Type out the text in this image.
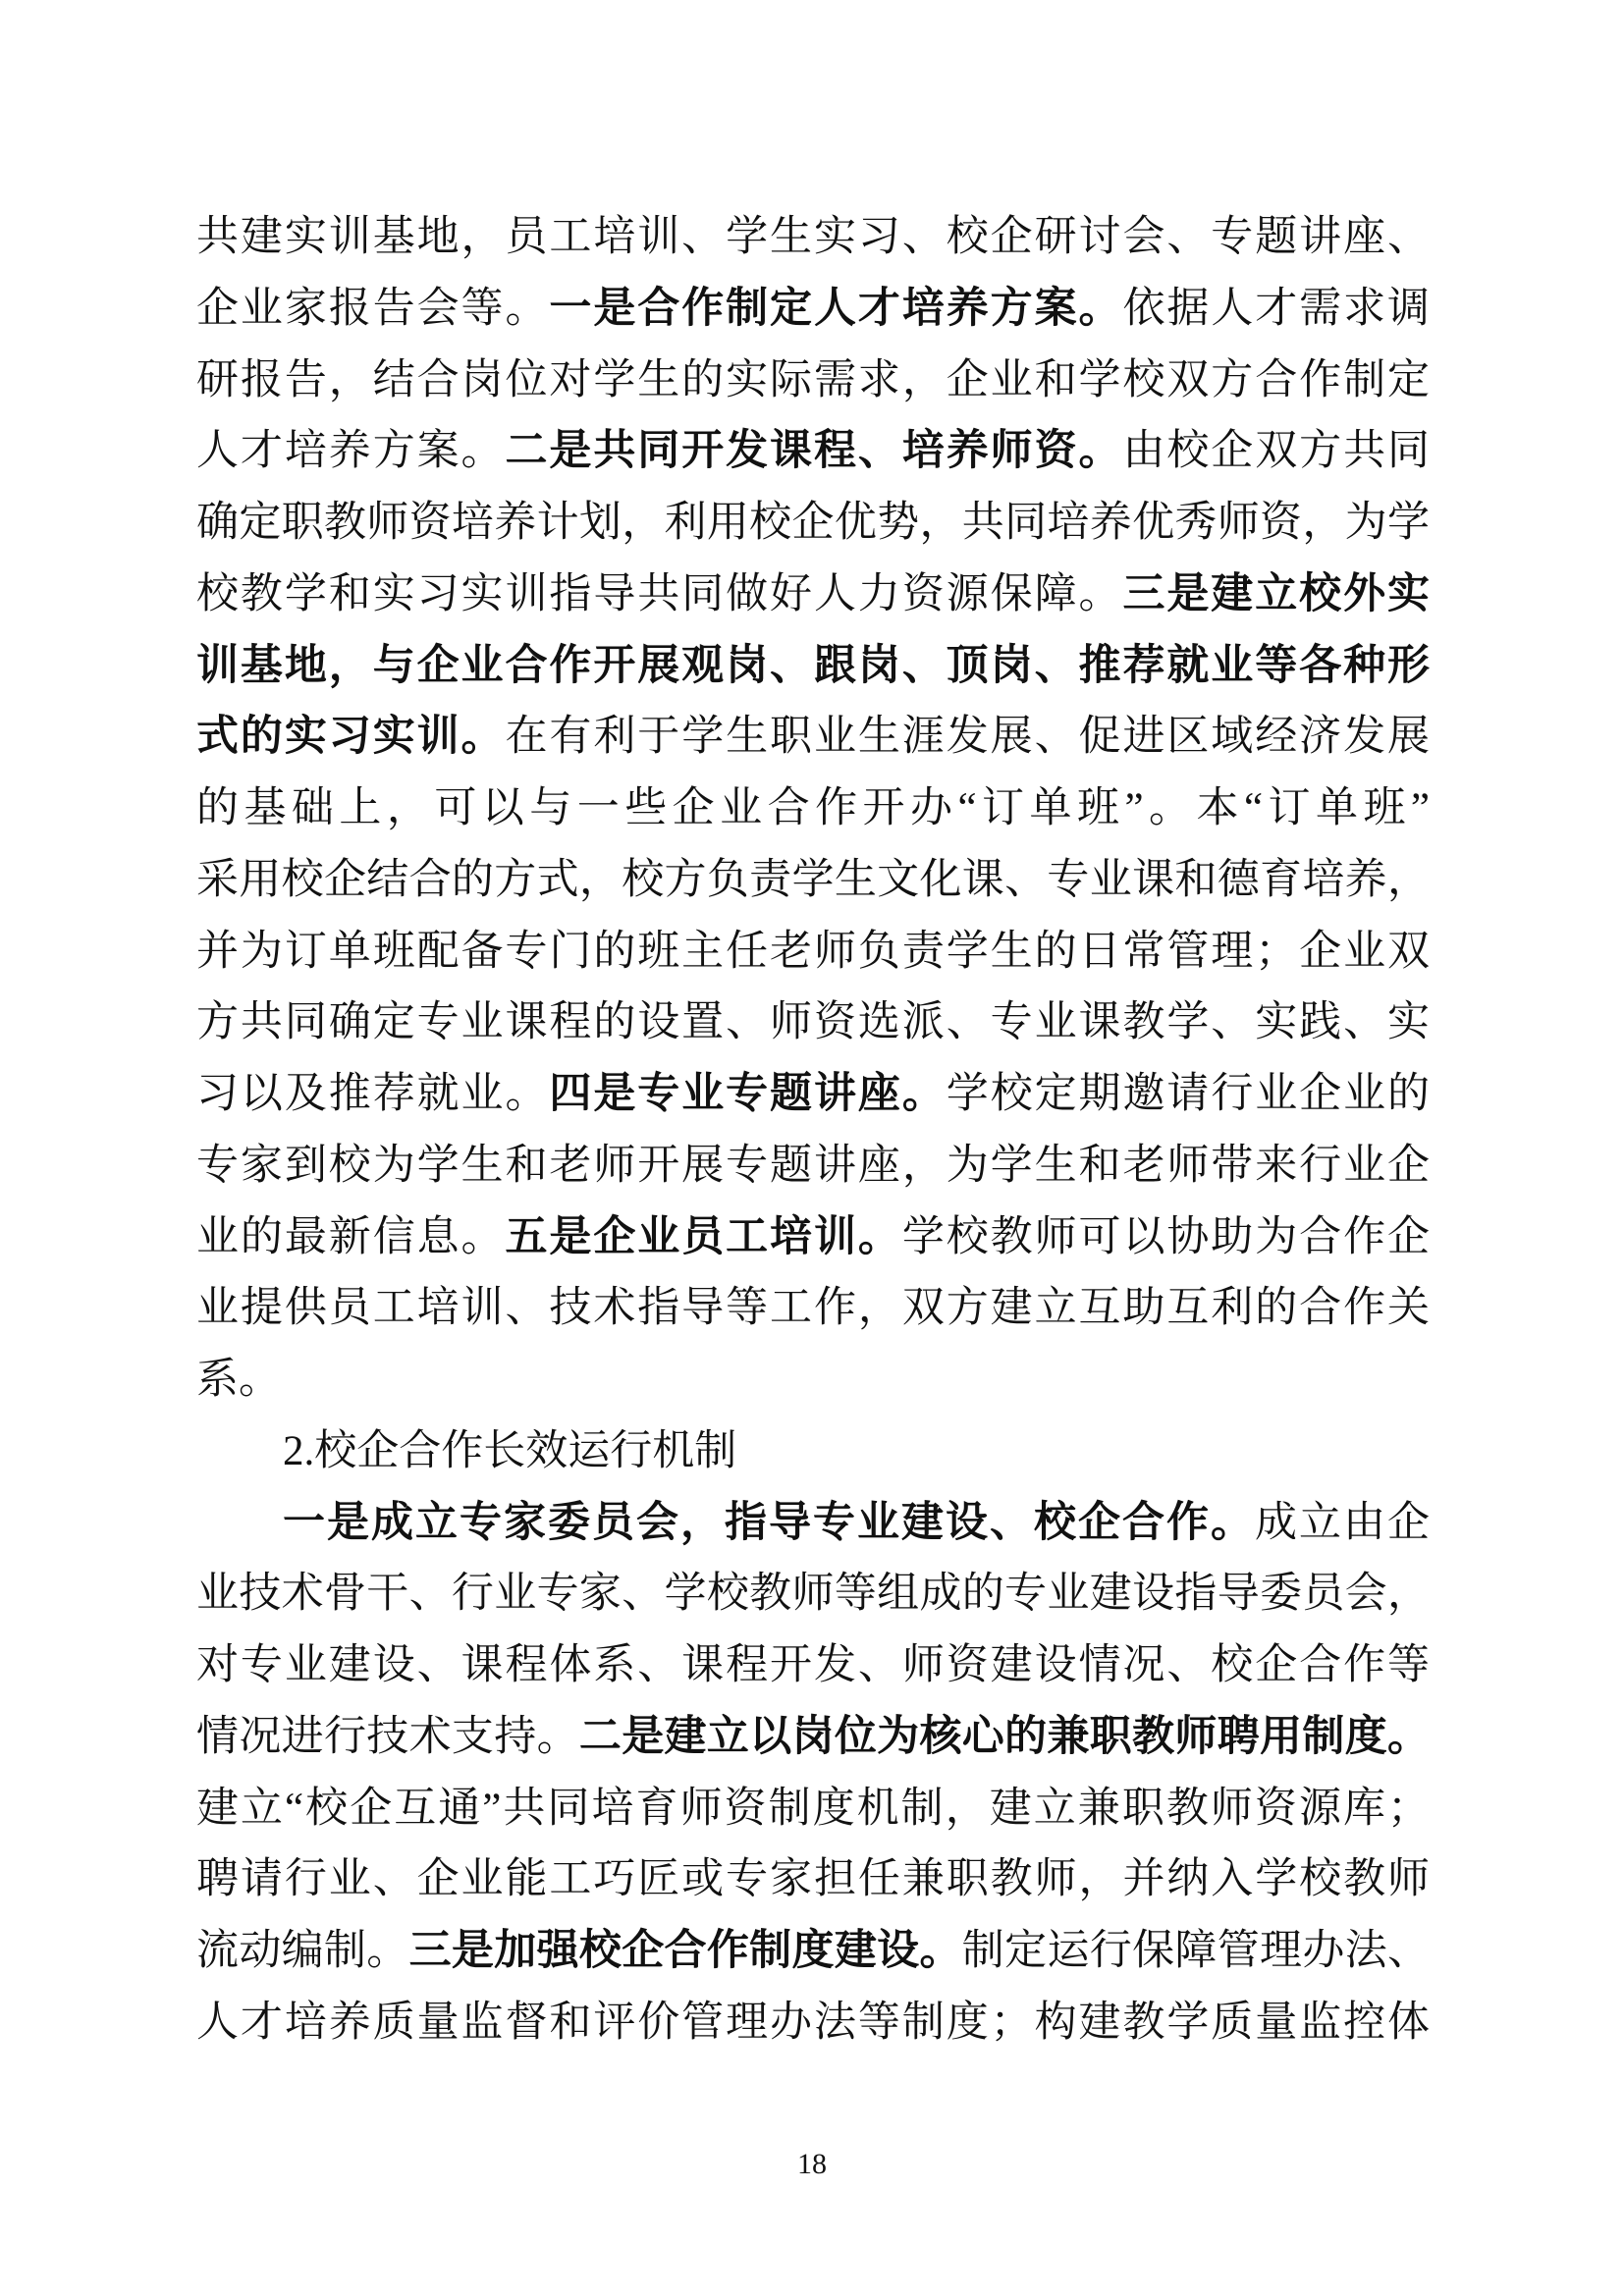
共建实训基地，员工培训、学生实习、校企研讨会、专题讲座、
企业家报告会等。一是合作制定人才培养方案。依据人才需求调
研报告，结合岗位对学生的实际需求，企业和学校双方合作制定
人才培养方案。二是共同开发课程、培养师资。由校企双方共同
确定职教师资培养计划，利用校企优势，共同培养优秀师资，为学
校教学和实习实训指导共同做好人力资源保障。三是建立校外实
训基地，与企业合作开展观岗、跟岗、顶岗、推荐就业等各种形
式的实习实训。在有利于学生职业生涯发展、促进区域经济发展
的基础上，可以与一些企业合作开办“订单班”。本“订单班”
采用校企结合的方式，校方负责学生文化课、专业课和德育培养，
并为订单班配备专门的班主任老师负责学生的日常管理；企业双
方共同确定专业课程的设置、师资选派、专业课教学、实践、实
习以及推荐就业。四是专业专题讲座。学校定期邀请行业企业的
专家到校为学生和老师开展专题讲座，为学生和老师带来行业企
业的最新信息。五是企业员工培训。学校教师可以协助为合作企
业提供员工培训、技术指导等工作，双方建立互助互利的合作关
系。
2.校企合作长效运行机制
一是成立专家委员会，指导专业建设、校企合作。成立由企
业技术骨干、行业专家、学校教师等组成的专业建设指导委员会，
对专业建设、课程体系、课程开发、师资建设情况、校企合作等
情况进行技术支持。二是建立以岗位为核心的兼职教师聘用制度。
建立“校企互通”共同培育师资制度机制，建立兼职教师资源库；
聘请行业、企业能工巧匠或专家担任兼职教师，并纳入学校教师
流动编制。三是加强校企合作制度建设。制定运行保障管理办法、
人才培养质量监督和评价管理办法等制度；构建教学质量监控体
18
